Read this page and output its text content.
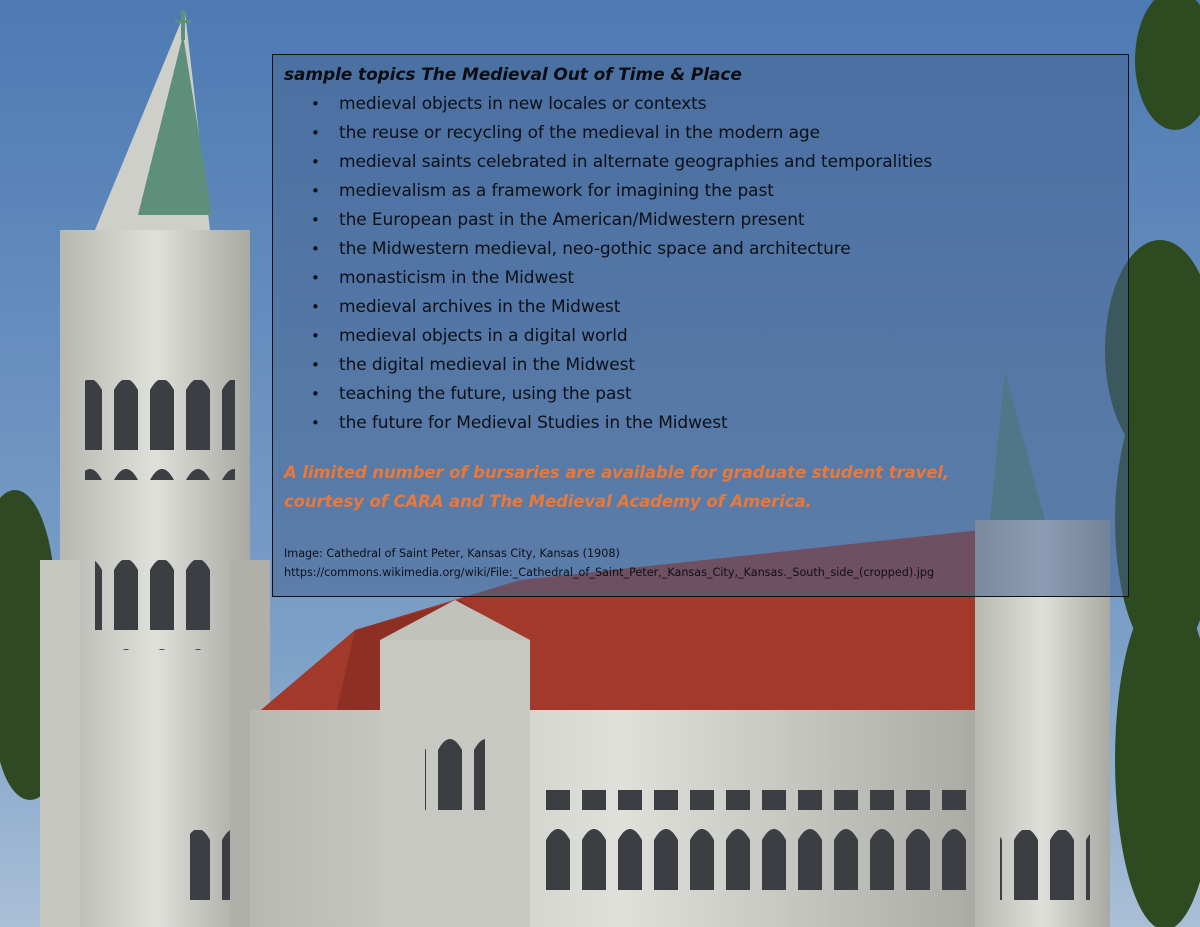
sample topics The Medieval Out of Time & Place

• medieval objects in new locales or contexts
• the reuse or recycling of the medieval in the modern age
• medieval saints celebrated in alternate geographies and temporalities
• medievalism as a framework for imagining the past
• the European past in the American/Midwestern present
• the Midwestern medieval, neo-gothic space and architecture
• monasticism in the Midwest
• medieval archives in the Midwest
• medieval objects in a digital world
• the digital medieval in the Midwest
• teaching the future, using the past
• the future for Medieval Studies in the Midwest
A limited number of bursaries are available for graduate student travel,
courtesy of CARA and The Medieval Academy of America.
Image: Cathedral of Saint Peter, Kansas City, Kansas (1908)
https://commons.wikimedia.org/wiki/File:_Cathedral_of_Saint_Peter,_Kansas_City,_Kansas._South_side_(cropped).jpg
